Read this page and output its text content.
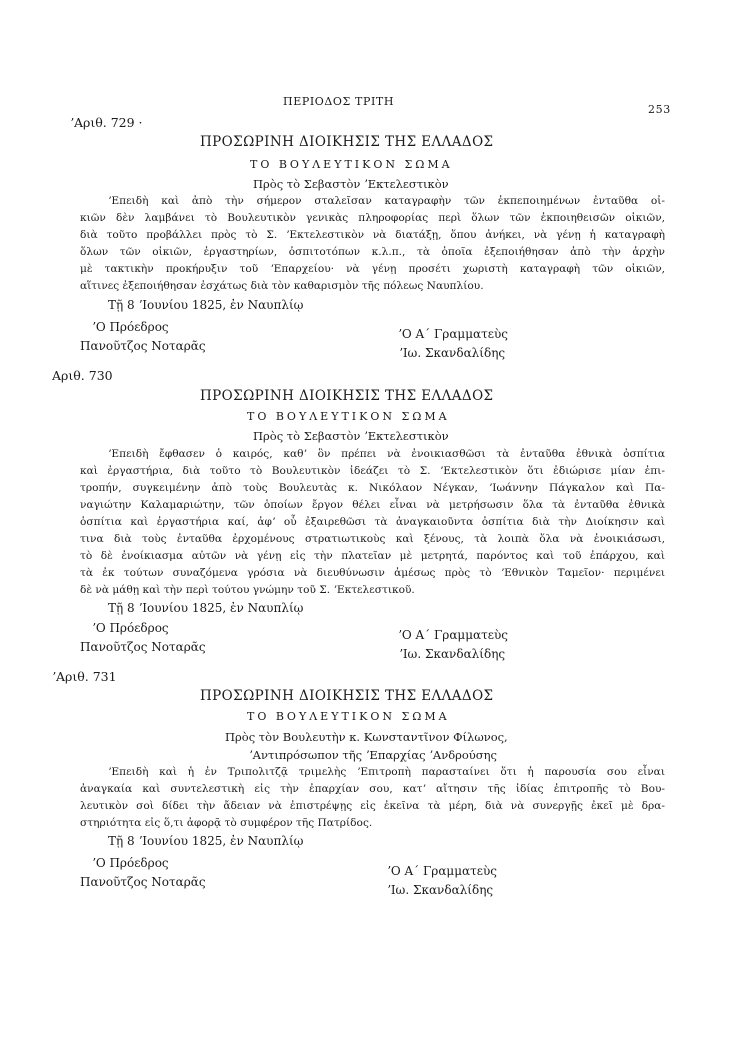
ΠΕΡΙΟΔΟΣ ΤΡΙΤΗ
253
ʼΑριθ. 729 ·
ΠΡΟΣΩΡΙΝΗ ΔΙΟΙΚΗΣΙΣ ΤΗΣ ΕΛΛΑΔΟΣ
ΤΟ ΒΟΥΛΕΥΤΙΚΟΝ ΣΩΜΑ
Πρὸς τὸ Σεβαστὸν ʼΕκτελεστικὸν
ʼΕπειδὴ καὶ ἀπὸ τὴν σήμερον σταλεῖσαν καταγραφὴν τῶν ἐκπεποιημένων ἐνταῦθα οἰ-
κιῶν δὲν λαμβάνει τὸ Βουλευτικὸν γενικὰς πληροφορίας περὶ ὅλων τῶν ἐκποιηθεισῶν οἰκιῶν,
διὰ τοῦτο προβάλλει πρὸς τὸ Σ. ʼΕκτελεστικὸν νὰ διατάξῃ, ὅπου ἀνήκει, νὰ γένῃ ἡ καταγραφὴ
ὅλων τῶν οἰκιῶν, ἐργαστηρίων, ὀσπιτοτόπων κ.λ.π., τὰ ὁποῖα ἐξεποιήθησαν ἀπὸ τὴν ἀρχὴν
μὲ τακτικὴν προκήρυξιν τοῦ ʼΕπαρχείου· νὰ γένῃ προσέτι χωριστὴ καταγραφὴ τῶν οἰκιῶν,
αἵτινες ἐξεποιήθησαν ἐσχάτως διὰ τὸν καθαρισμὸν τῆς πόλεως Ναυπλίου.
Τῇ 8 ʼΙουνίου 1825, ἐν Ναυπλίῳ
ʼΟ Πρόεδρος
Πανοῦτζος Νοταρᾶς
ʼΟ Α΄ Γραμματεὺς
ʼΙω. Σκανδαλίδης
Αριθ. 730
ΠΡΟΣΩΡΙΝΗ ΔΙΟΙΚΗΣΙΣ ΤΗΣ ΕΛΛΑΔΟΣ
ΤΟ ΒΟΥΛΕΥΤΙΚΟΝ ΣΩΜΑ
Πρὸς τὸ Σεβαστὸν ʼΕκτελεστικὸν
ʼΕπειδὴ ἔφθασεν ὁ καιρός, καθʼ ὃν πρέπει νὰ ἐνοικιασθῶσι τὰ ἐνταῦθα ἐθνικὰ ὀσπίτια
καὶ ἐργαστήρια, διὰ τοῦτο τὸ Βουλευτικὸν ἰδεάζει τὸ Σ. ʼΕκτελεστικὸν ὅτι ἐδιώρισε μίαν ἐπι-
τροπήν, συγκειμένην ἀπὸ τοὺς Βουλευτὰς κ. Νικόλαον Νέγκαν, ʼΙωάννην Πάγκαλον καὶ Πα-
ναγιώτην Καλαμαριώτην, τῶν ὁποίων ἔργον θέλει εἶναι νὰ μετρήσωσιν ὅλα τὰ ἐνταῦθα ἐθνικὰ
ὀσπίτια καὶ ἐργαστήρια καί, ἀφʼ οὗ ἐξαιρεθῶσι τὰ ἀναγκαιοῦντα ὀσπίτια διὰ τὴν Διοίκησιν καὶ
τινα διὰ τοὺς ἐνταῦθα ἐρχομένους στρατιωτικοὺς καὶ ξένους, τὰ λοιπὰ ὅλα νὰ ἐνοικιάσωσι,
τὸ δὲ ἐνοίκιασμα αὐτῶν νὰ γένῃ εἰς τὴν πλατεῖαν μὲ μετρητά, παρόντος καὶ τοῦ ἐπάρχου, καὶ
τὰ ἐκ τούτων συναζόμενα γρόσια νὰ διευθύνωσιν ἀμέσως πρὸς τὸ ʼΕθνικὸν Ταμεῖον· περιμένει
δὲ νὰ μάθῃ καὶ τὴν περὶ τούτου γνώμην τοῦ Σ. ʼΕκτελεστικοῦ.
Τῇ 8 ʼΙουνίου 1825, ἐν Ναυπλίῳ
ʼΟ Πρόεδρος
Πανοῦτζος Νοταρᾶς
ʼΟ Α΄ Γραμματεὺς
ʼΙω. Σκανδαλίδης
ʼΑριθ. 731
ΠΡΟΣΩΡΙΝΗ ΔΙΟΙΚΗΣΙΣ ΤΗΣ ΕΛΛΑΔΟΣ
ΤΟ ΒΟΥΛΕΥΤΙΚΟΝ ΣΩΜΑ
Πρὸς τὸν Βουλευτὴν κ. Κωνσταντῖνον Φίλωνος,
ʼΑντιπρόσωπον τῆς ʼΕπαρχίας ʼΑνδρούσης
ʼΕπειδὴ καὶ ἡ ἐν Τριπολιτζᾷ τριμελὴς ʼΕπιτροπὴ παρασταίνει ὅτι ἡ παρουσία σου εἶναι
ἀναγκαία καὶ συντελεστικὴ εἰς τὴν ἐπαρχίαν σου, κατʼ αἴτησιν τῆς ἰδίας ἐπιτροπῆς τὸ Βου-
λευτικὸν σοὶ δίδει τὴν ἄδειαν νὰ ἐπιστρέψῃς εἰς ἐκεῖνα τὰ μέρη, διὰ νὰ συνεργῇς ἐκεῖ μὲ δρα-
στηριότητα εἰς ὅ,τι ἀφορᾷ τὸ συμφέρον τῆς Πατρίδος.
Τῇ 8 ʼΙουνίου 1825, ἐν Ναυπλίῳ
ʼΟ Πρόεδρος
Πανοῦτζος Νοταρᾶς
ʼΟ Α΄ Γραμματεὺς
ʼΙω. Σκανδαλίδης
